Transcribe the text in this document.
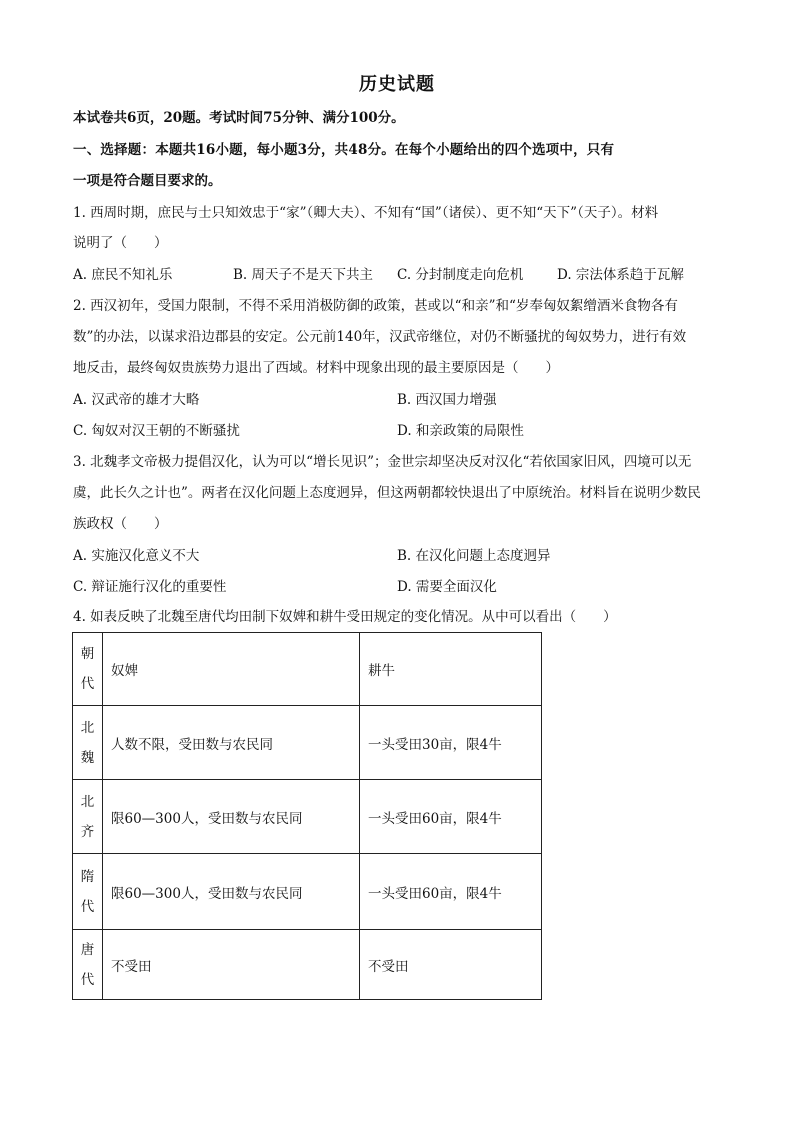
历史试题
本试卷共6页，20题。考试时间75分钟、满分100分。
一、选择题：本题共16小题，每小题3分，共48分。在每个小题给出的四个选项中，只有
一项是符合题目要求的。
1. 西周时期，庶民与士只知效忠于“家”（卿大夫）、不知有“国”（诸侯）、更不知“天下”（天子）。材料
说明了（　　）
A. 庶民不知礼乐	B. 周天子不是天下共主 C. 分封制度走向危机 D. 宗法体系趋于瓦解
2. 西汉初年，受国力限制，不得不采用消极防御的政策，甚或以“和亲”和“岁奉匈奴絮缯酒米食物各有
数”的办法，以谋求沿边郡县的安定。公元前140年，汉武帝继位，对仍不断骚扰的匈奴势力，进行有效
地反击，最终匈奴贵族势力退出了西域。材料中现象出现的最主要原因是（　　）
A. 汉武帝的雄才大略	B. 西汉国力增强
C. 匈奴对汉王朝的不断骚扰	D. 和亲政策的局限性
3. 北魏孝文帝极力提倡汉化，认为可以“增长见识”；金世宗却坚决反对汉化“若依国家旧风，四境可以无
虞，此长久之计也”。两者在汉化问题上态度迥异，但这两朝都较快退出了中原统治。材料旨在说明少数民
族政权（　　）
A. 实施汉化意义不大	B. 在汉化问题上态度迥异
C. 辩证施行汉化的重要性	D. 需要全面汉化
4. 如表反映了北魏至唐代均田制下奴婢和耕牛受田规定的变化情况。从中可以看出（　　）
朝
代	奴婢	耕牛

北
魏	人数不限，受田数与农民同	一头受田30亩，限4牛

北
齐	限60—300人，受田数与农民同	一头受田60亩，限4牛

隋
代	限60—300人，受田数与农民同	一头受田60亩，限4牛

唐
代	不受田	不受田
